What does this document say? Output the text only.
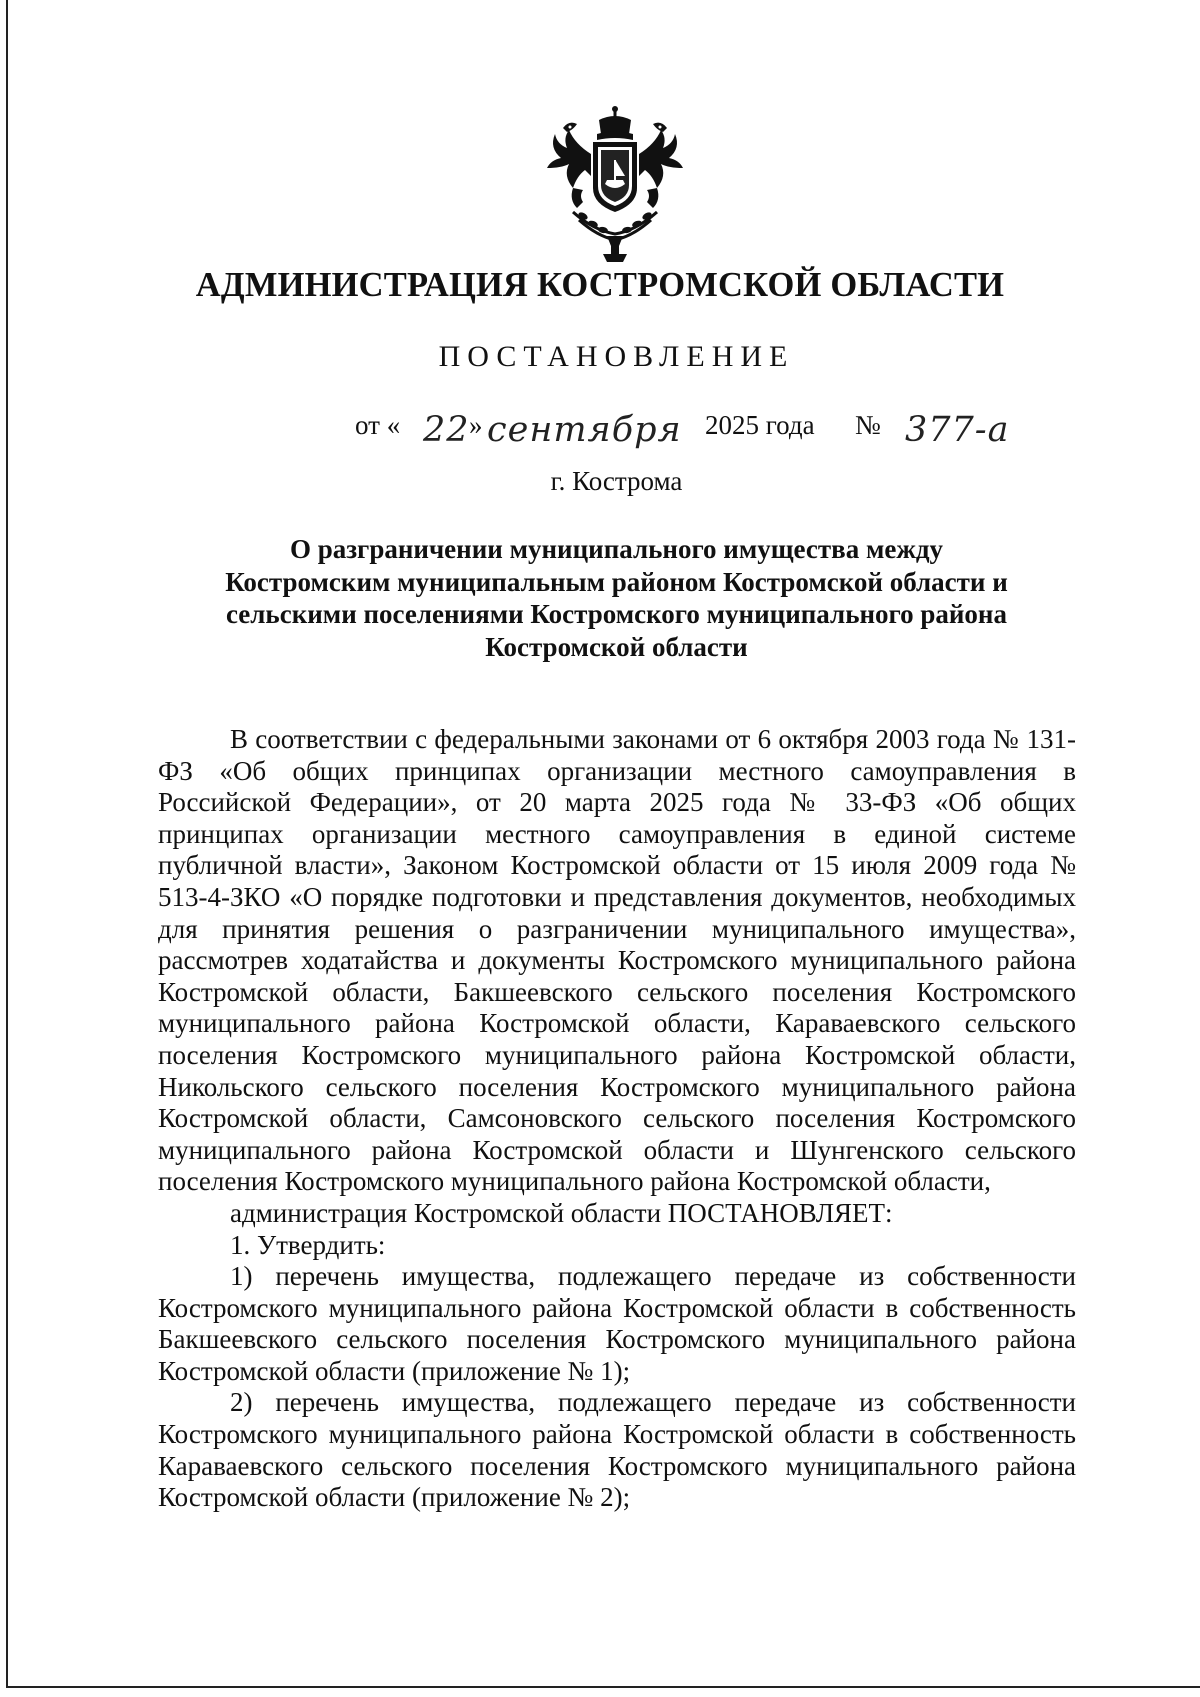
АДМИНИСТРАЦИЯ КОСТРОМСКОЙ ОБЛАСТИ
ПОСТАНОВЛЕНИЕ
от « 22 » сентября 2025 года № 377-а
г. Кострома
О разграничении муниципального имущества между
Костромским муниципальным районом Костромской области и
сельскими поселениями Костромского муниципального района
Костромской области

В соответствии с федеральными законами от 6 октября 2003 года № 131-ФЗ «Об общих принципах организации местного самоуправления в Российской Федерации», от 20 марта 2025 года № 33-ФЗ «Об общих принципах организации местного самоуправления в единой системе публичной власти», Законом Костромской области от 15 июля 2009 года № 513-4-ЗКО «О порядке подготовки и представления документов, необходимых для принятия решения о разграничении муниципального имущества», рассмотрев ходатайства и документы Костромского муниципального района Костромской области, Бакшеевского сельского поселения Костромского муниципального района Костромской области, Караваевского сельского поселения Костромского муниципального района Костромской области, Никольского сельского поселения Костромского муниципального района Костромской области, Самсоновского сельского поселения Костромского муниципального района Костромской области и Шунгенского сельского поселения Костромского муниципального района Костромской области,

администрация Костромской области ПОСТАНОВЛЯЕТ:

1. Утвердить:

1) перечень имущества, подлежащего передаче из собственности Костромского муниципального района Костромской области в собственность Бакшеевского сельского поселения Костромского муниципального района Костромской области (приложение № 1);

2) перечень имущества, подлежащего передаче из собственности Костромского муниципального района Костромской области в собственность Караваевского сельского поселения Костромского муниципального района Костромской области (приложение № 2);
